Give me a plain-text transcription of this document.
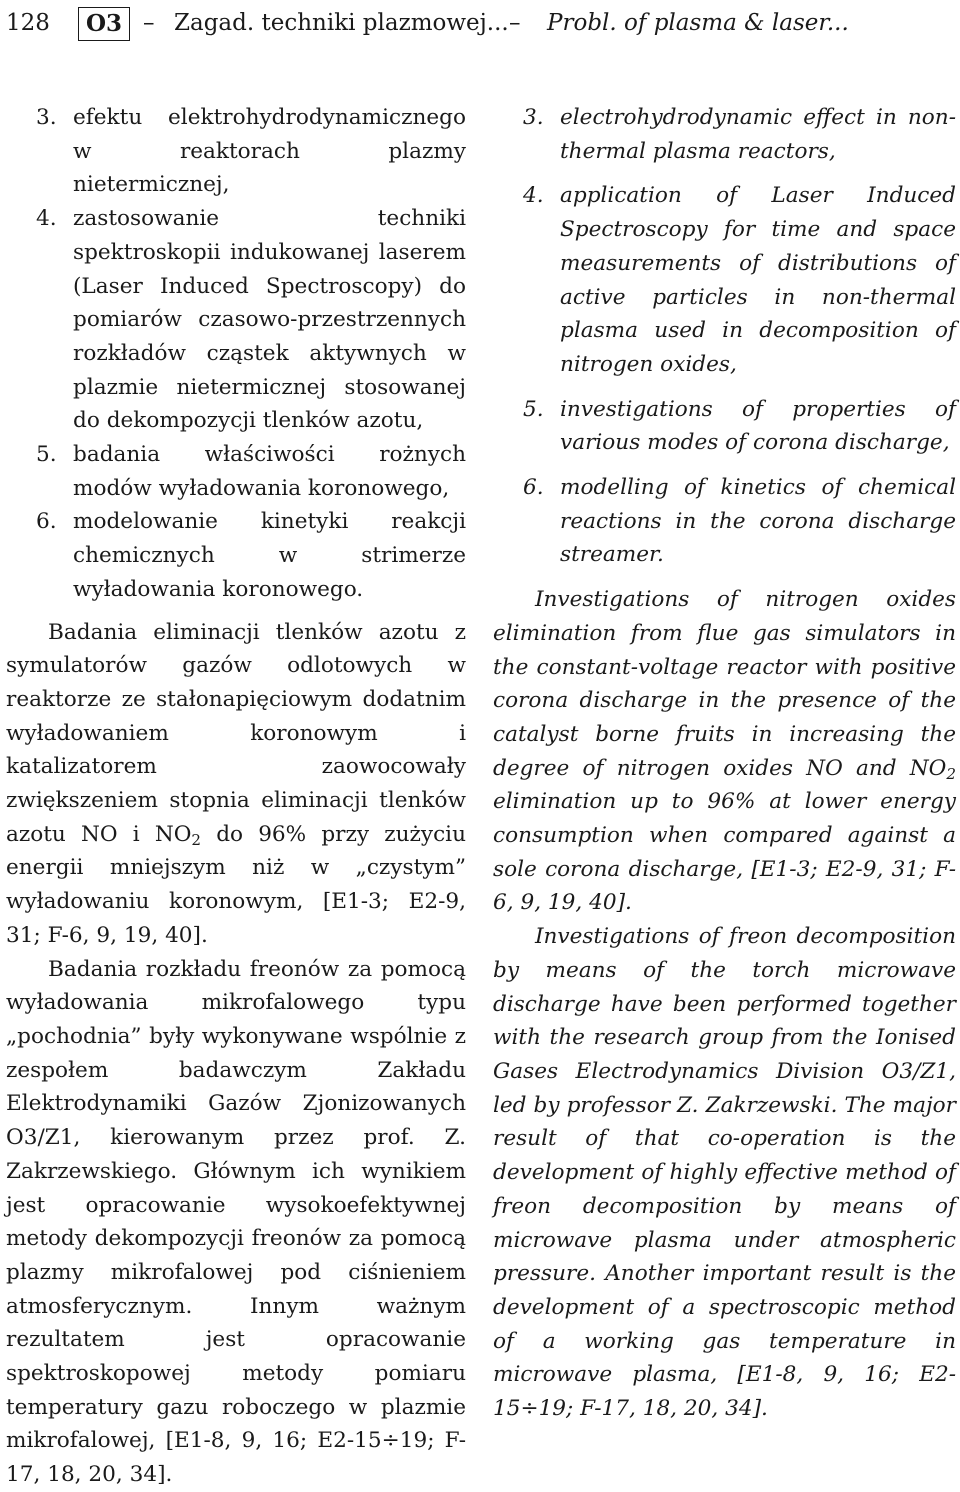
128	O3 – Zagad. techniki plazmowej... – Probl. of plasma & laser...
3. efektu elektrohydrodynamicznego w reaktorach plazmy nietermicznej,
4. zastosowanie techniki spektroskopii indukowanej laserem (Laser Induced Spectroscopy) do pomiarów czasowo-przestrzennych rozkładów cząstek aktywnych w plazmie nietermicznej stosowanej do dekompozycji tlenków azotu,
5. badania właściwości rożnych modów wyładowania koronowego,
6. modelowanie kinetyki reakcji chemicznych w strimerze wyładowania koronowego.

Badania eliminacji tlenków azotu z symulatorów gazów odlotowych w reaktorze ze stałonapięciowym dodatnim wyładowaniem koronowym i katalizatorem zaowocowały zwiększeniem stopnia eliminacji tlenków azotu NO i $NO_2$ do 96% przy zużyciu energii mniejszym niż w „czystym” wyładowaniu koronowym, [E1-3; E2-9, 31; F-6, 9, 19, 40].

Badania rozkładu freonów za pomocą wyładowania mikrofalowego typu „pochodnia” były wykonywane wspólnie z zespołem badawczym Zakładu Elektrodynamiki Gazów Zjonizowanych O3/Z1, kierowanym przez prof. Z. Zakrzewskiego. Głównym ich wynikiem jest opracowanie wysokoefektywnej metody dekompozycji freonów za pomocą plazmy mikrofalowej pod ciśnieniem atmosferycznym. Innym ważnym rezultatem jest opracowanie spektroskopowej metody pomiaru temperatury gazu roboczego w plazmie mikrofalowej, [E1-8, 9, 16; E2-15÷19; F-17, 18, 20, 34].

3. electrohydrodynamic effect in non-thermal plasma reactors,
4. application of Laser Induced Spectroscopy for time and space measurements of distributions of active particles in non-thermal plasma used in decomposition of nitrogen oxides,
5. investigations of properties of various modes of corona discharge,
6. modelling of kinetics of chemical reactions in the corona discharge streamer.

Investigations of nitrogen oxides elimination from flue gas simulators in the constant-voltage reactor with positive corona discharge in the presence of the catalyst borne fruits in increasing the degree of nitrogen oxides NO and $NO_2$ elimination up to 96% at lower energy consumption when compared against a sole corona discharge, [E1-3; E2-9, 31; F-6, 9, 19, 40].

Investigations of freon decomposition by means of the torch microwave discharge have been performed together with the research group from the Ionised Gases Electrodynamics Division O3/Z1, led by professor Z. Zakrzewski. The major result of that co-operation is the development of highly effective method of freon decomposition by means of microwave plasma under atmospheric pressure. Another important result is the development of a spectroscopic method of a working gas temperature in microwave plasma, [E1-8, 9, 16; E2-15÷19; F-17, 18, 20, 34].
